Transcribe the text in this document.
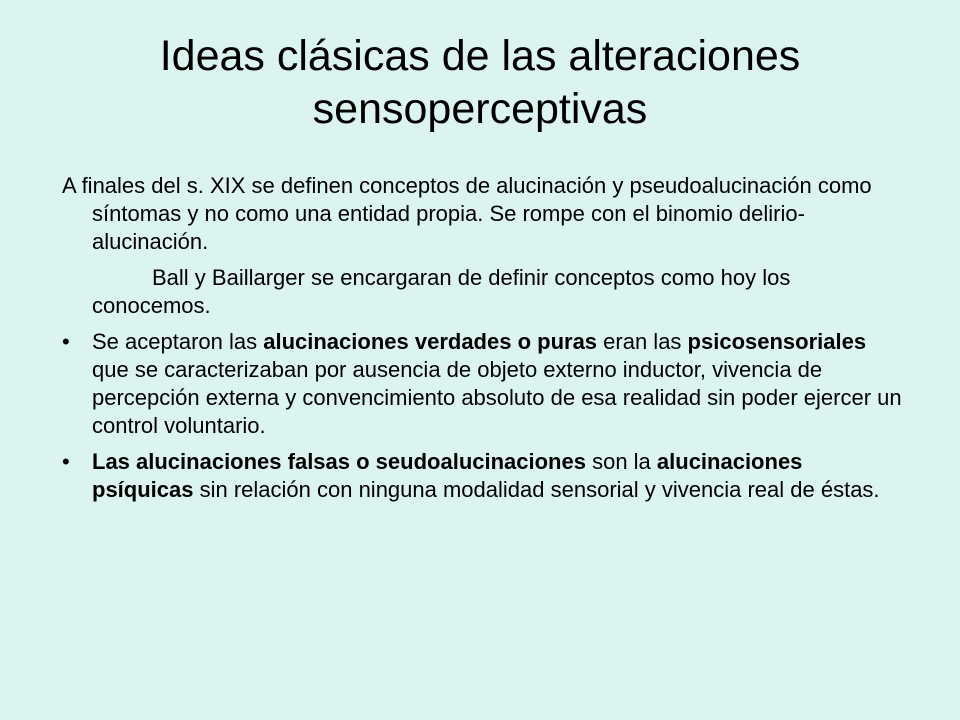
Ideas clásicas de las alteraciones sensoperceptivas

A finales del s. XIX se definen conceptos de alucinación y pseudoalucinación como síntomas y no como una entidad propia. Se rompe con el binomio delirio-alucinación.

Ball y Baillarger se encargaran de definir conceptos como hoy los conocemos.

• Se aceptaron las alucinaciones verdades o puras eran las psicosensoriales que se caracterizaban por ausencia de objeto externo inductor, vivencia de percepción externa y convencimiento absoluto de esa realidad sin poder ejercer un control voluntario.
• Las alucinaciones falsas o seudoalucinaciones son la alucinaciones psíquicas sin relación con ninguna modalidad sensorial y vivencia real de éstas.
